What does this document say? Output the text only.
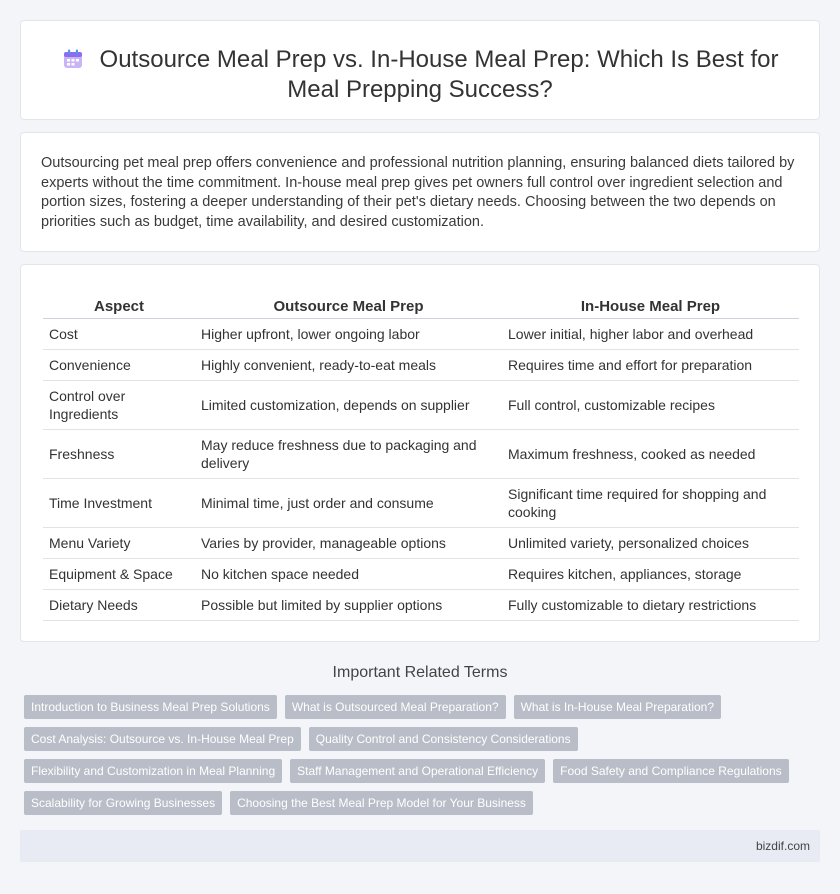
Outsource Meal Prep vs. In-House Meal Prep: Which Is Best for Meal Prepping Success?

Outsourcing pet meal prep offers convenience and professional nutrition planning, ensuring balanced diets tailored by experts without the time commitment. In-house meal prep gives pet owners full control over ingredient selection and portion sizes, fostering a deeper understanding of their pet's dietary needs. Choosing between the two depends on priorities such as budget, time availability, and desired customization.

Aspect	Outsource Meal Prep	In-House Meal Prep
Cost	Higher upfront, lower ongoing labor	Lower initial, higher labor and overhead
Convenience	Highly convenient, ready-to-eat meals	Requires time and effort for preparation
Control over Ingredients	Limited customization, depends on supplier	Full control, customizable recipes
Freshness	May reduce freshness due to packaging and delivery	Maximum freshness, cooked as needed
Time Investment	Minimal time, just order and consume	Significant time required for shopping and cooking
Menu Variety	Varies by provider, manageable options	Unlimited variety, personalized choices
Equipment & Space	No kitchen space needed	Requires kitchen, appliances, storage
Dietary Needs	Possible but limited by supplier options	Fully customizable to dietary restrictions
Important Related Terms
Introduction to Business Meal Prep Solutions	What is Outsourced Meal Preparation?	What is In-House Meal Preparation?
Cost Analysis: Outsource vs. In-House Meal Prep	Quality Control and Consistency Considerations
Flexibility and Customization in Meal Planning	Staff Management and Operational Efficiency	Food Safety and Compliance Regulations
Scalability for Growing Businesses	Choosing the Best Meal Prep Model for Your Business
bizdif.com
